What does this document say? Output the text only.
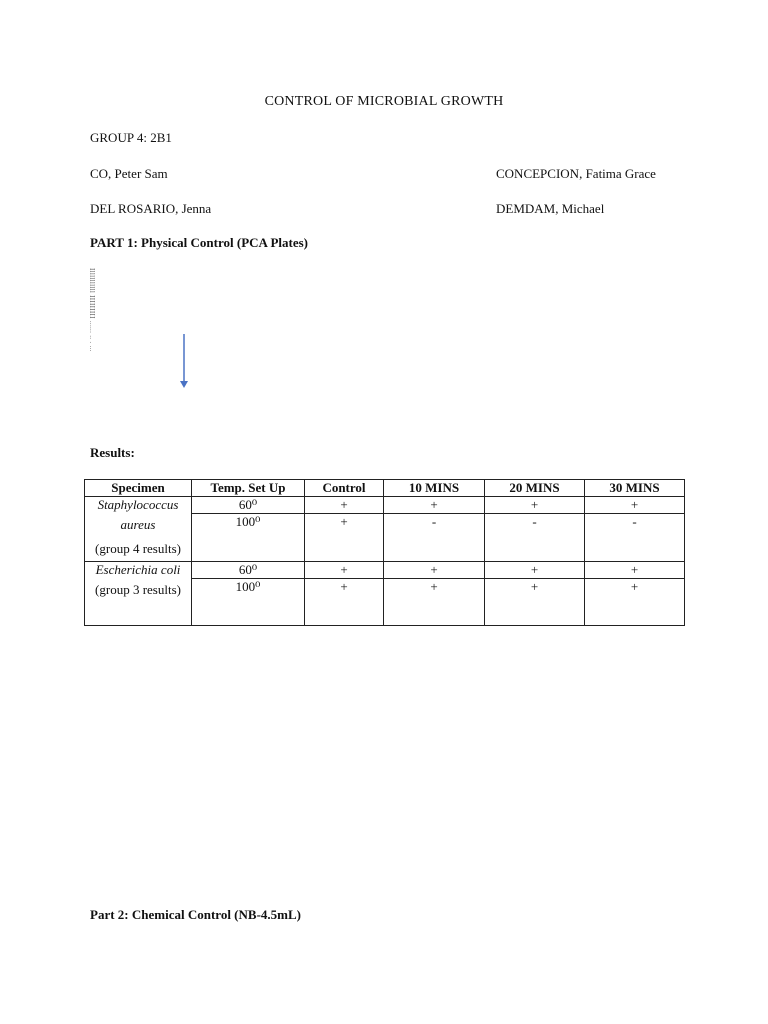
CONTROL OF MICROBIAL GROWTH
GROUP 4: 2B1
CO, Peter Sam	CONCEPCION, Fatima Grace
DEL ROSARIO, Jenna	DEMDAM, Michael
PART 1: Physical Control (PCA Plates)
Illllllllll IIIIIIIII ...... .. . ...
Results:
Specimen	Temp. Set Up	Control	10 MINS	20 MINS	30 MINS

Staphylococcus
aureus
(group 4 results)	60⁰	+	+	+	+
	100⁰	+	-	-	-

Escherichia coli
(group 3 results)	60⁰	+	+	+	+
	100⁰	+	+	+	+
Part 2: Chemical Control (NB-4.5mL)
